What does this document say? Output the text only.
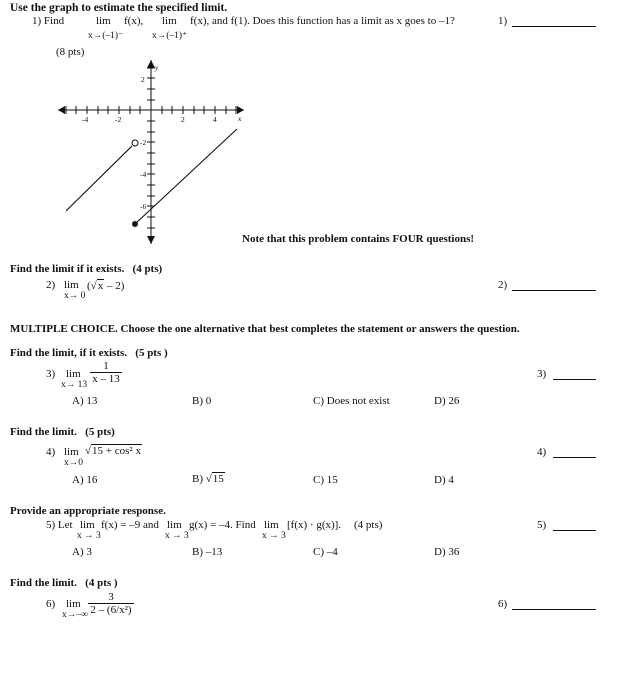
Use the graph to estimate the specified limit.
1) Find	lim f(x), lim f(x), and f(1). Does this function has a limit as x goes to –1?
x→(–1)⁻	x→(–1)⁺
(8 pts)
1)
-4	-2	2	4
2
-2
-4
-6
y
x
Note that this problem contains FOUR questions!
Find the limit if it exists. (4 pts)
2) lim (√x – 2)
x→ 0
2)
MULTIPLE CHOICE. Choose the one alternative that best completes the statement or answers the question.
Find the limit, if it exists. (5 pts )
3) lim
$x\to 13 \frac{1}{x - 13}$	3)
A) 13	B) 0	C) Does not exist	D) 26
Find the limit. (5 pts)
4) lim
x→0
√15 + cos² x	4)
A) 16	B) √15	C) 15	D) 4
Provide an appropriate response.
5) Let lim f(x) = –9 and lim g(x) = –4. Find lim [f(x) · g(x)]. (4 pts)
x → 3	x → 3	x → 3
5)
A) 3	B) –13	C) –4	D) 36
Find the limit. (4 pts )
6) lim
$x\to-\infty \frac{3}{\text{2 – (6/x²)}}$	6)
